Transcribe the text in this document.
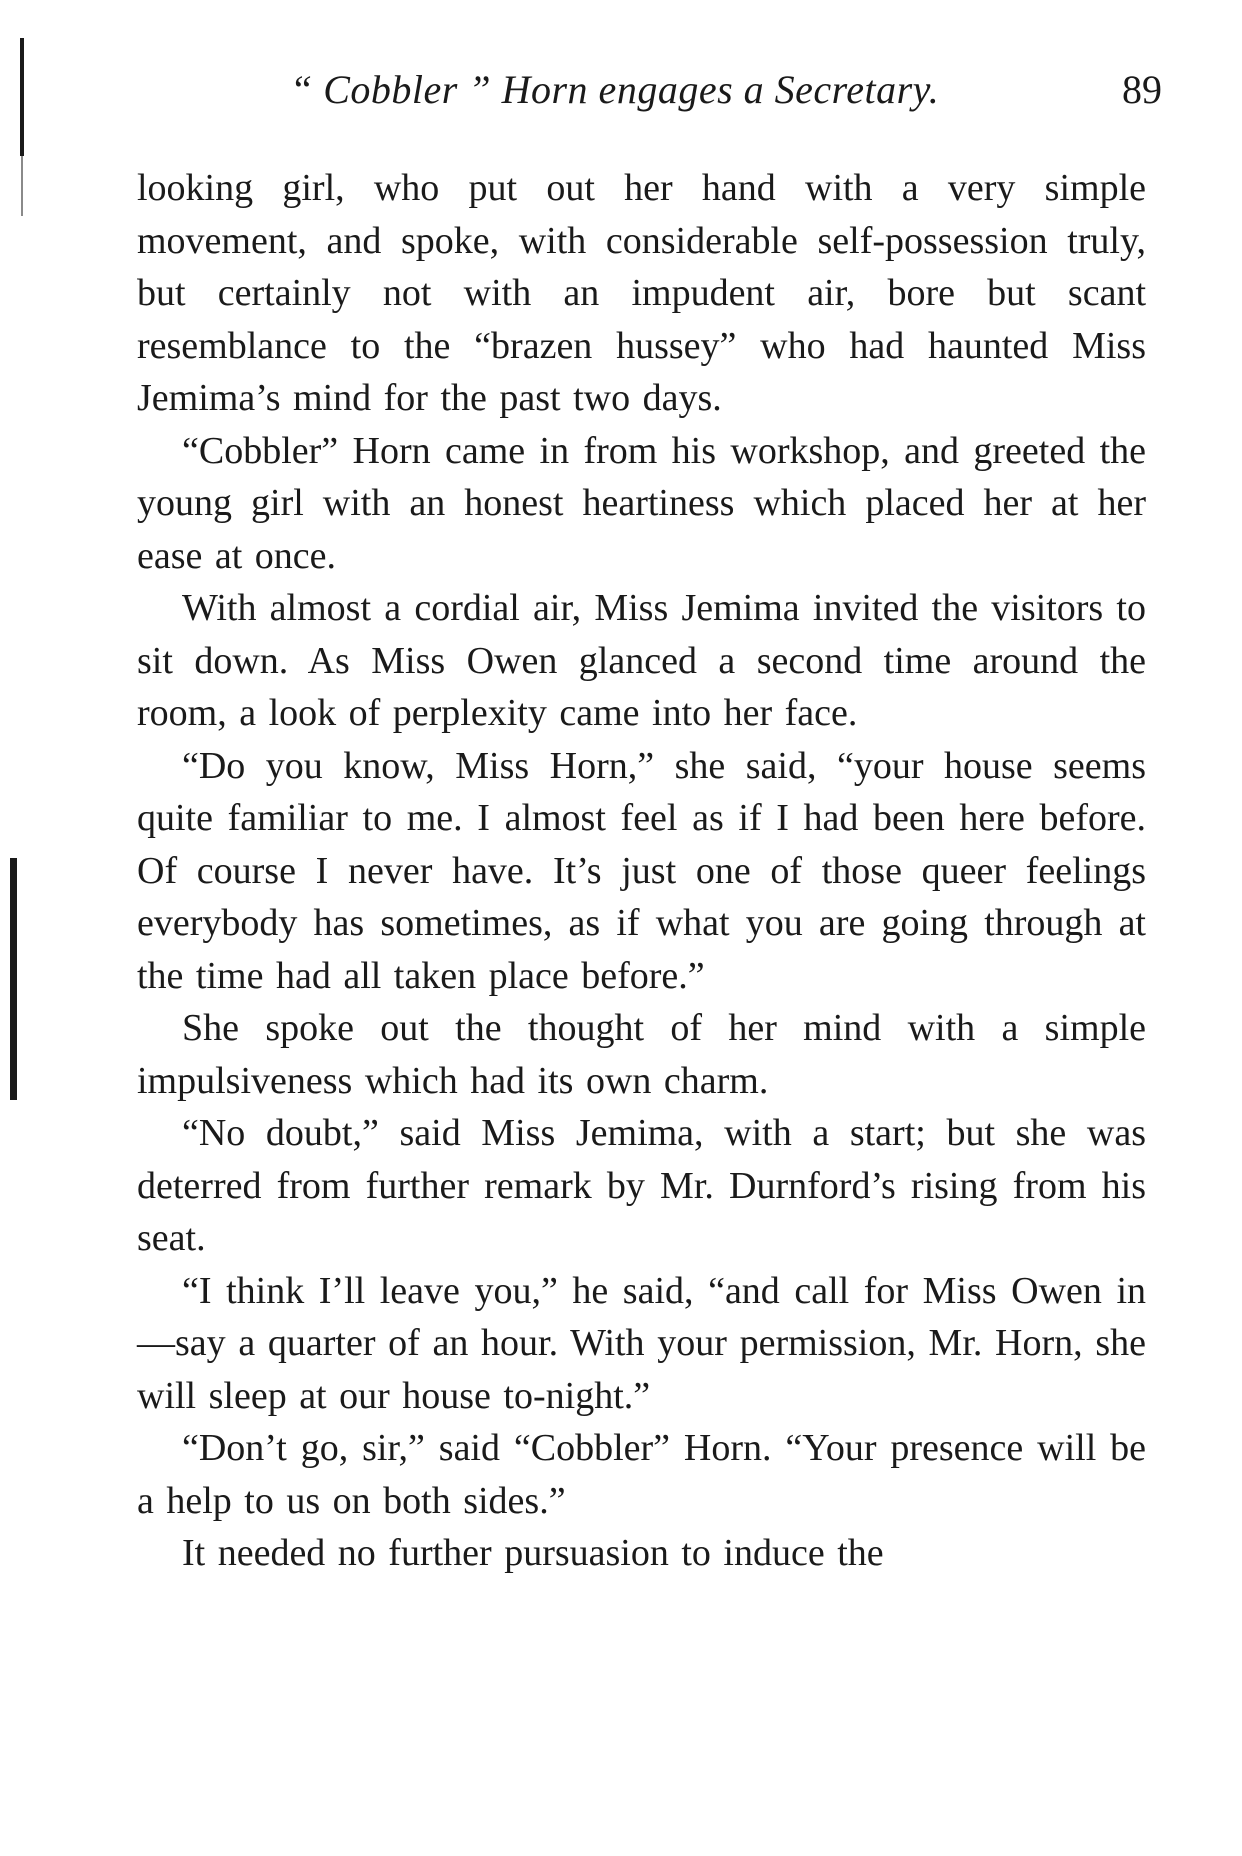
“ Cobbler ” Horn engages a Secretary.	89

looking girl, who put out her hand with a very simple movement, and spoke, with considerable self-possession truly, but certainly not with an impudent air, bore but scant resemblance to the “brazen hussey” who had haunted Miss Jemima’s mind for the past two days.

“Cobbler” Horn came in from his workshop, and greeted the young girl with an honest heartiness which placed her at her ease at once.

With almost a cordial air, Miss Jemima invited the visitors to sit down. As Miss Owen glanced a second time around the room, a look of perplexity came into her face.

“Do you know, Miss Horn,” she said, “your house seems quite familiar to me. I almost feel as if I had been here before. Of course I never have. It’s just one of those queer feelings everybody has sometimes, as if what you are going through at the time had all taken place before.”

She spoke out the thought of her mind with a simple impulsiveness which had its own charm.

“No doubt,” said Miss Jemima, with a start; but she was deterred from further remark by Mr. Durnford’s rising from his seat.

“I think I’ll leave you,” he said, “and call for Miss Owen in—say a quarter of an hour. With your permission, Mr. Horn, she will sleep at our house to-night.”

“Don’t go, sir,” said “Cobbler” Horn. “Your presence will be a help to us on both sides.”

It needed no further pursuasion to induce the
